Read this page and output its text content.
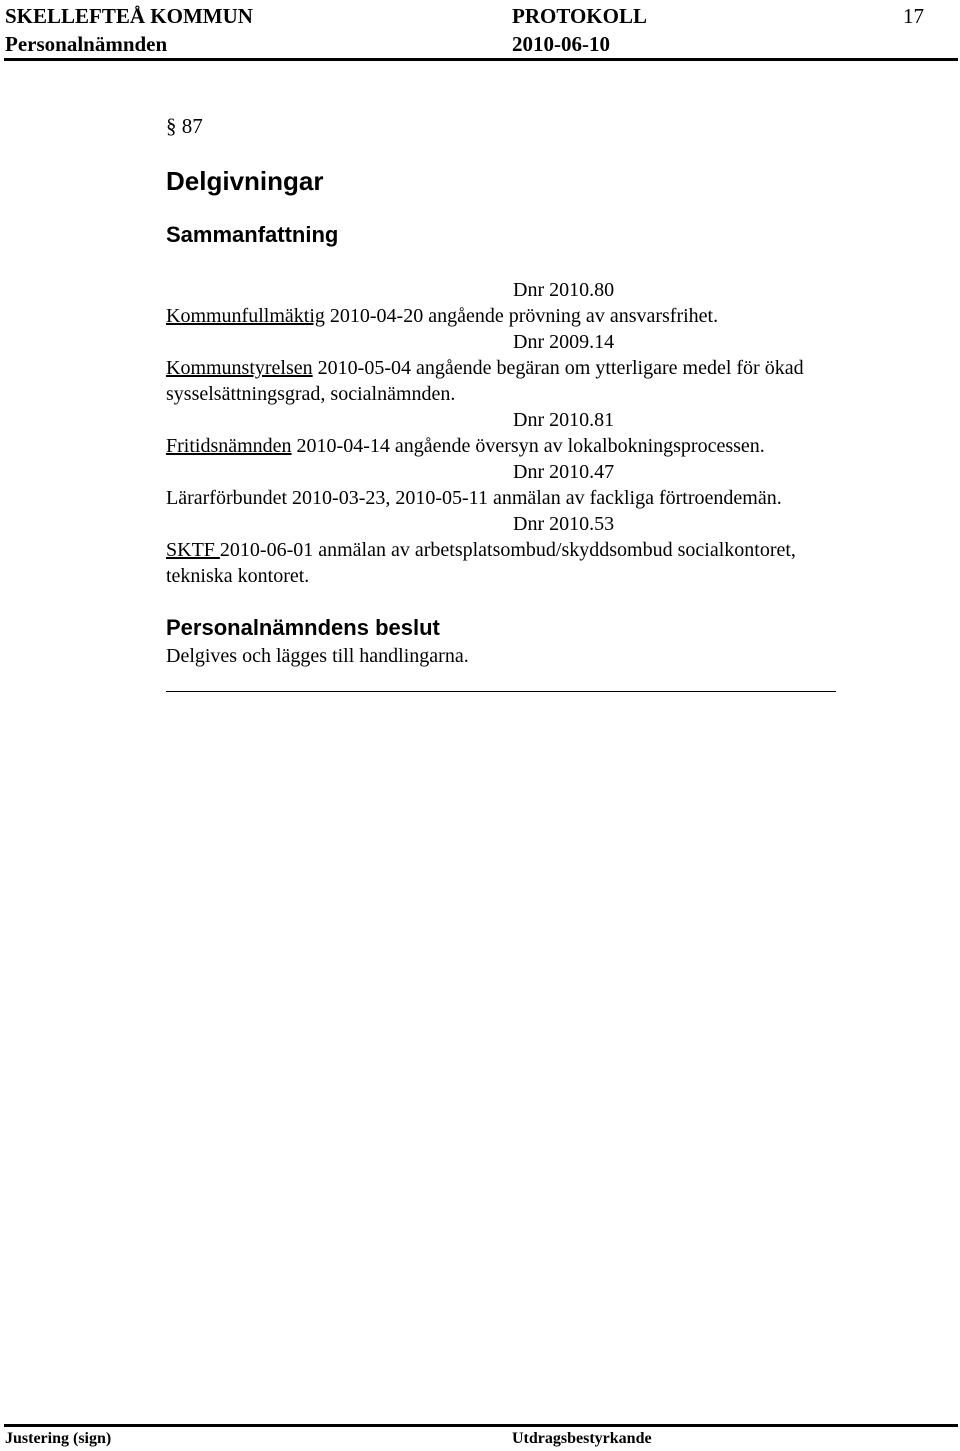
SKELLEFTEÅ KOMMUN
Personalnämnden
PROTOKOLL
2010-06-10
17
§ 87
Delgivningar
Sammanfattning
Dnr 2010.80
Kommunfullmäktig 2010-04-20 angående prövning av ansvarsfrihet.
Dnr 2009.14
Kommunstyrelsen 2010-05-04 angående begäran om ytterligare medel för ökad
sysselsättningsgrad, socialnämnden.
Dnr 2010.81
Fritidsnämnden 2010-04-14 angående översyn av lokalbokningsprocessen.
Dnr 2010.47
Lärarförbundet 2010-03-23, 2010-05-11 anmälan av fackliga förtroendemän.
Dnr 2010.53
SKTF 2010-06-01 anmälan av arbetsplatsombud/skyddsombud socialkontoret,
tekniska kontoret.
Personalnämndens beslut
Delgives och lägges till handlingarna.
Justering (sign)	Utdragsbestyrkande
